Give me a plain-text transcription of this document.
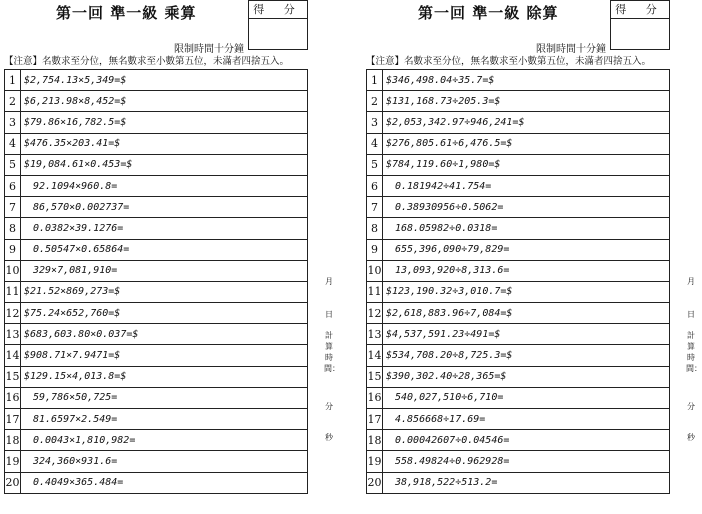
第一回 準一級 乘算	得 分
限制時間十分鐘
【注意】名數求至分位，無名數求至小數第五位，未滿者四捨五入。
1	$2,754.13×5,349=$
2	$6,213.98×8,452=$
3	$79.86×16,782.5=$
4	$476.35×203.41=$
5	$19,084.61×0.453=$
6	92.1094×960.8=
7	86,570×0.002737=
8	0.0382×39.1276=
9	0.50547×0.65864=
10	329×7,081,910=
11	$21.52×869,273=$
12	$75.24×652,760=$
13	$683,603.80×0.037=$
14	$908.71×7.9471=$
15	$129.15×4,013.8=$
16	59,786×50,725=
17	81.6597×2.549=
18	0.0043×1,810,982=
19	324,360×931.6=
20	0.4049×365.484=
月
日
計算時間：
分
秒
第一回 準一級 除算	得 分
限制時間十分鐘
【注意】名數求至分位，無名數求至小數第五位，未滿者四捨五入。
1	$346,498.04÷35.7=$
2	$131,168.73÷205.3=$
3	$2,053,342.97÷946,241=$
4	$276,805.61÷6,476.5=$
5	$784,119.60÷1,980=$
6	0.181942÷41.754=
7	0.38930956÷0.5062=
8	168.05982÷0.0318=
9	655,396,090÷79,829=
10	13,093,920÷8,313.6=
11	$123,190.32÷3,010.7=$
12	$2,618,883.96÷7,084=$
13	$4,537,591.23÷491=$
14	$534,708.20÷8,725.3=$
15	$390,302.40÷28,365=$
16	540,027,510÷6,710=
17	4.856668÷17.69=
18	0.00042607÷0.04546=
19	558.49824÷0.962928=
20	38,918,522÷513.2=
月
日
計算時間：
分
秒
